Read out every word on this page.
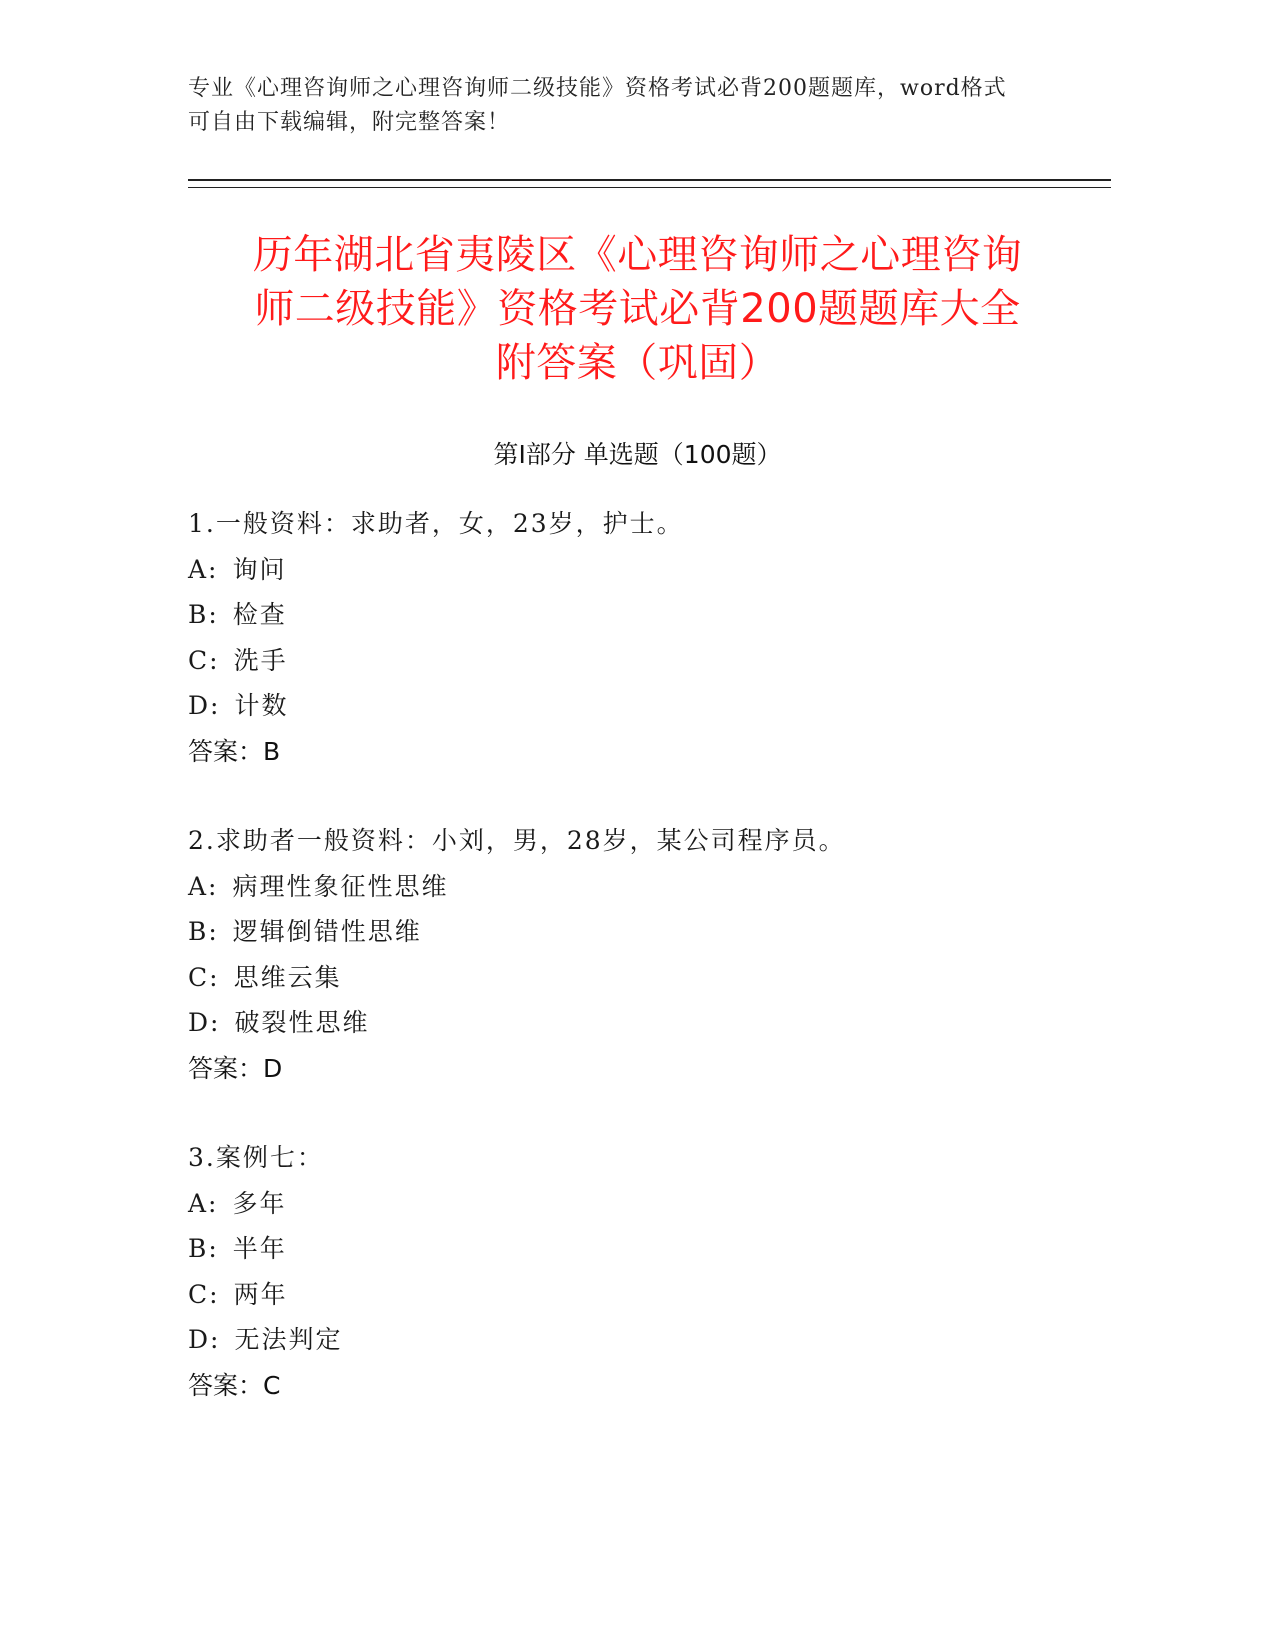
专业《心理咨询师之心理咨询师二级技能》资格考试必背200题题库，word格式
可自由下载编辑，附完整答案！
历年湖北省夷陵区《心理咨询师之心理咨询
师二级技能》资格考试必背200题题库大全
附答案（巩固）
第Ⅰ部分 单选题（100题）
1.一般资料：求助者，女，23岁，护士。
A: 询问
B: 检查
C: 洗手
D: 计数
答案：B
2.求助者一般资料：小刘，男，28岁，某公司程序员。
A: 病理性象征性思维
B: 逻辑倒错性思维
C: 思维云集
D: 破裂性思维
答案：D
3.案例七：
A: 多年
B: 半年
C: 两年
D: 无法判定
答案：C
